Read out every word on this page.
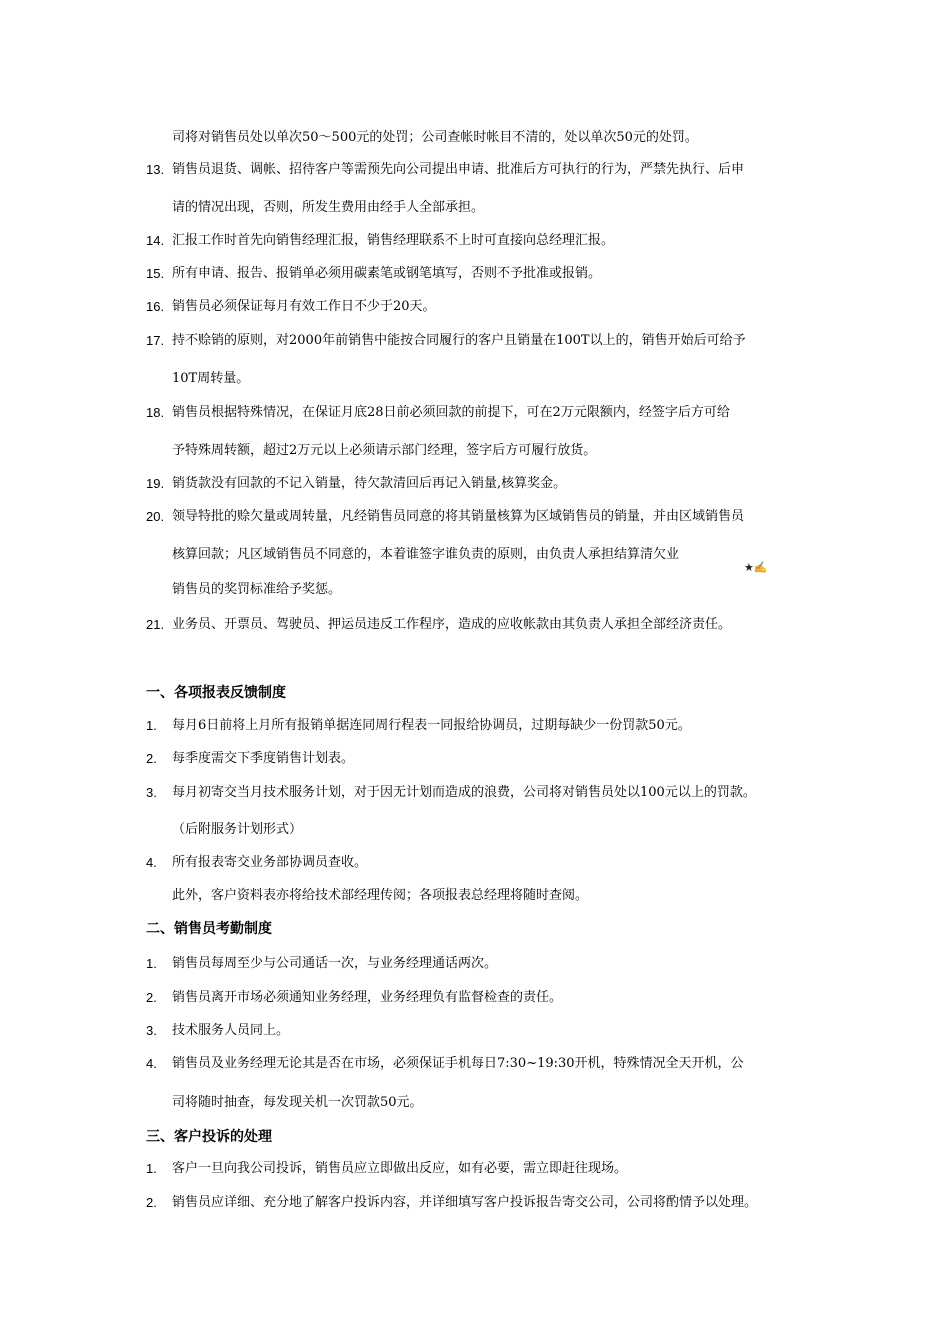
司将对销售员处以单次50～500元的处罚；公司查帐时帐目不清的，处以单次50元的处罚。
13. 销售员退货、调帐、招待客户等需预先向公司提出申请、批准后方可执行的行为，严禁先执行、后申
请的情况出现，否则，所发生费用由经手人全部承担。
14. 汇报工作时首先向销售经理汇报，销售经理联系不上时可直接向总经理汇报。
15. 所有申请、报告、报销单必须用碳素笔或钢笔填写，否则不予批准或报销。
16. 销售员必须保证每月有效工作日不少于20天。
17. 持不赊销的原则，对2000年前销售中能按合同履行的客户且销量在100T以上的，销售开始后可给予
10T周转量。
18. 销售员根据特殊情况，在保证月底28日前必须回款的前提下，可在2万元限额内，经签字后方可给
予特殊周转额，超过2万元以上必须请示部门经理，签字后方可履行放货。
19. 销货款没有回款的不记入销量，待欠款清回后再记入销量,核算奖金。
20. 领导特批的赊欠量或周转量，凡经销售员同意的将其销量核算为区域销售员的销量，并由区域销售员
核算回款；凡区域销售员不同意的，本着谁签字谁负责的原则，由负责人承担结算清欠业
销售员的奖罚标准给予奖惩。
21. 业务员、开票员、驾驶员、押运员违反工作程序，造成的应收帐款由其负责人承担全部经济责任。
一、各项报表反馈制度
1.	每月6日前将上月所有报销单据连同周行程表一同报给协调员，过期每缺少一份罚款50元。
2.	每季度需交下季度销售计划表。
3.	每月初寄交当月技术服务计划，对于因无计划而造成的浪费，公司将对销售员处以100元以上的罚款。
（后附服务计划形式）
4.	所有报表寄交业务部协调员查收。
此外，客户资料表亦将给技术部经理传阅；各项报表总经理将随时查阅。
二、销售员考勤制度
1.	销售员每周至少与公司通话一次，与业务经理通话两次。
2.	销售员离开市场必须通知业务经理，业务经理负有监督检查的责任。
3.	技术服务人员同上。
4.	销售员及业务经理无论其是否在市场，必须保证手机每日7:30~19:30开机，特殊情况全天开机，公
司将随时抽查，每发现关机一次罚款50元。
三、客户投诉的处理
1.	客户一旦向我公司投诉，销售员应立即做出反应，如有必要，需立即赶往现场。
2.	销售员应详细、充分地了解客户投诉内容，并详细填写客户投诉报告寄交公司，公司将酌情予以处理。
★✍
